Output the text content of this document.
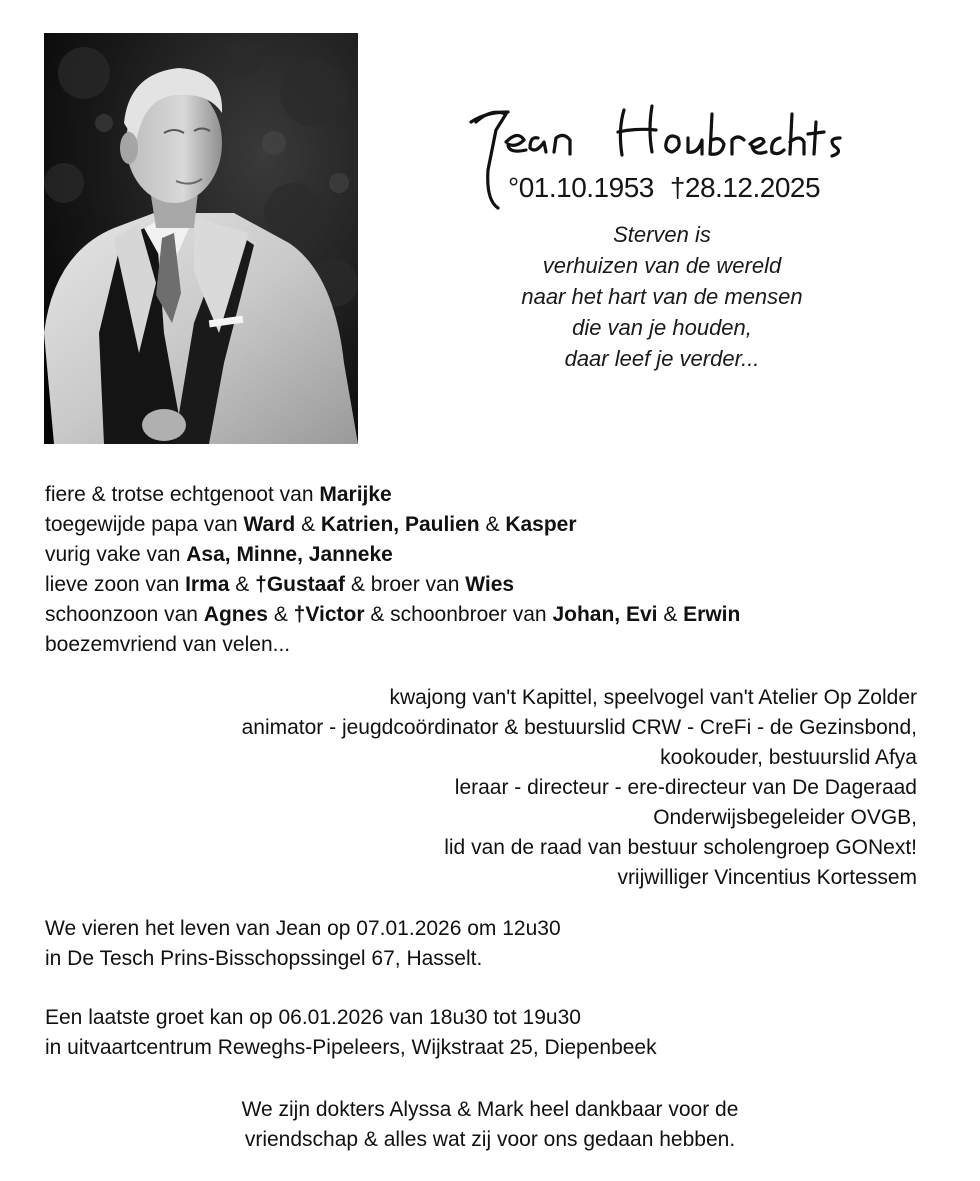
°01.10.1953 †28.12.2025
Sterven is
verhuizen van de wereld
naar het hart van de mensen
die van je houden,
daar leef je verder...
fiere & trotse echtgenoot van Marijke
toegewijde papa van Ward & Katrien, Paulien & Kasper
vurig vake van Asa, Minne, Janneke
lieve zoon van Irma & †Gustaaf & broer van Wies
schoonzoon van Agnes & †Victor & schoonbroer van Johan, Evi & Erwin
boezemvriend van velen...
kwajong van't Kapittel, speelvogel van't Atelier Op Zolder
animator - jeugdcoördinator & bestuurslid CRW - CreFi - de Gezinsbond,
kookouder, bestuurslid Afya
leraar - directeur - ere-directeur van De Dageraad
Onderwijsbegeleider OVGB,
lid van de raad van bestuur scholengroep GONext!
vrijwilliger Vincentius Kortessem
We vieren het leven van Jean op 07.01.2026 om 12u30
in De Tesch Prins-Bisschopssingel 67, Hasselt.
Een laatste groet kan op 06.01.2026 van 18u30 tot 19u30
in uitvaartcentrum Reweghs-Pipeleers, Wijkstraat 25, Diepenbeek
We zijn dokters Alyssa & Mark heel dankbaar voor de
vriendschap & alles wat zij voor ons gedaan hebben.
